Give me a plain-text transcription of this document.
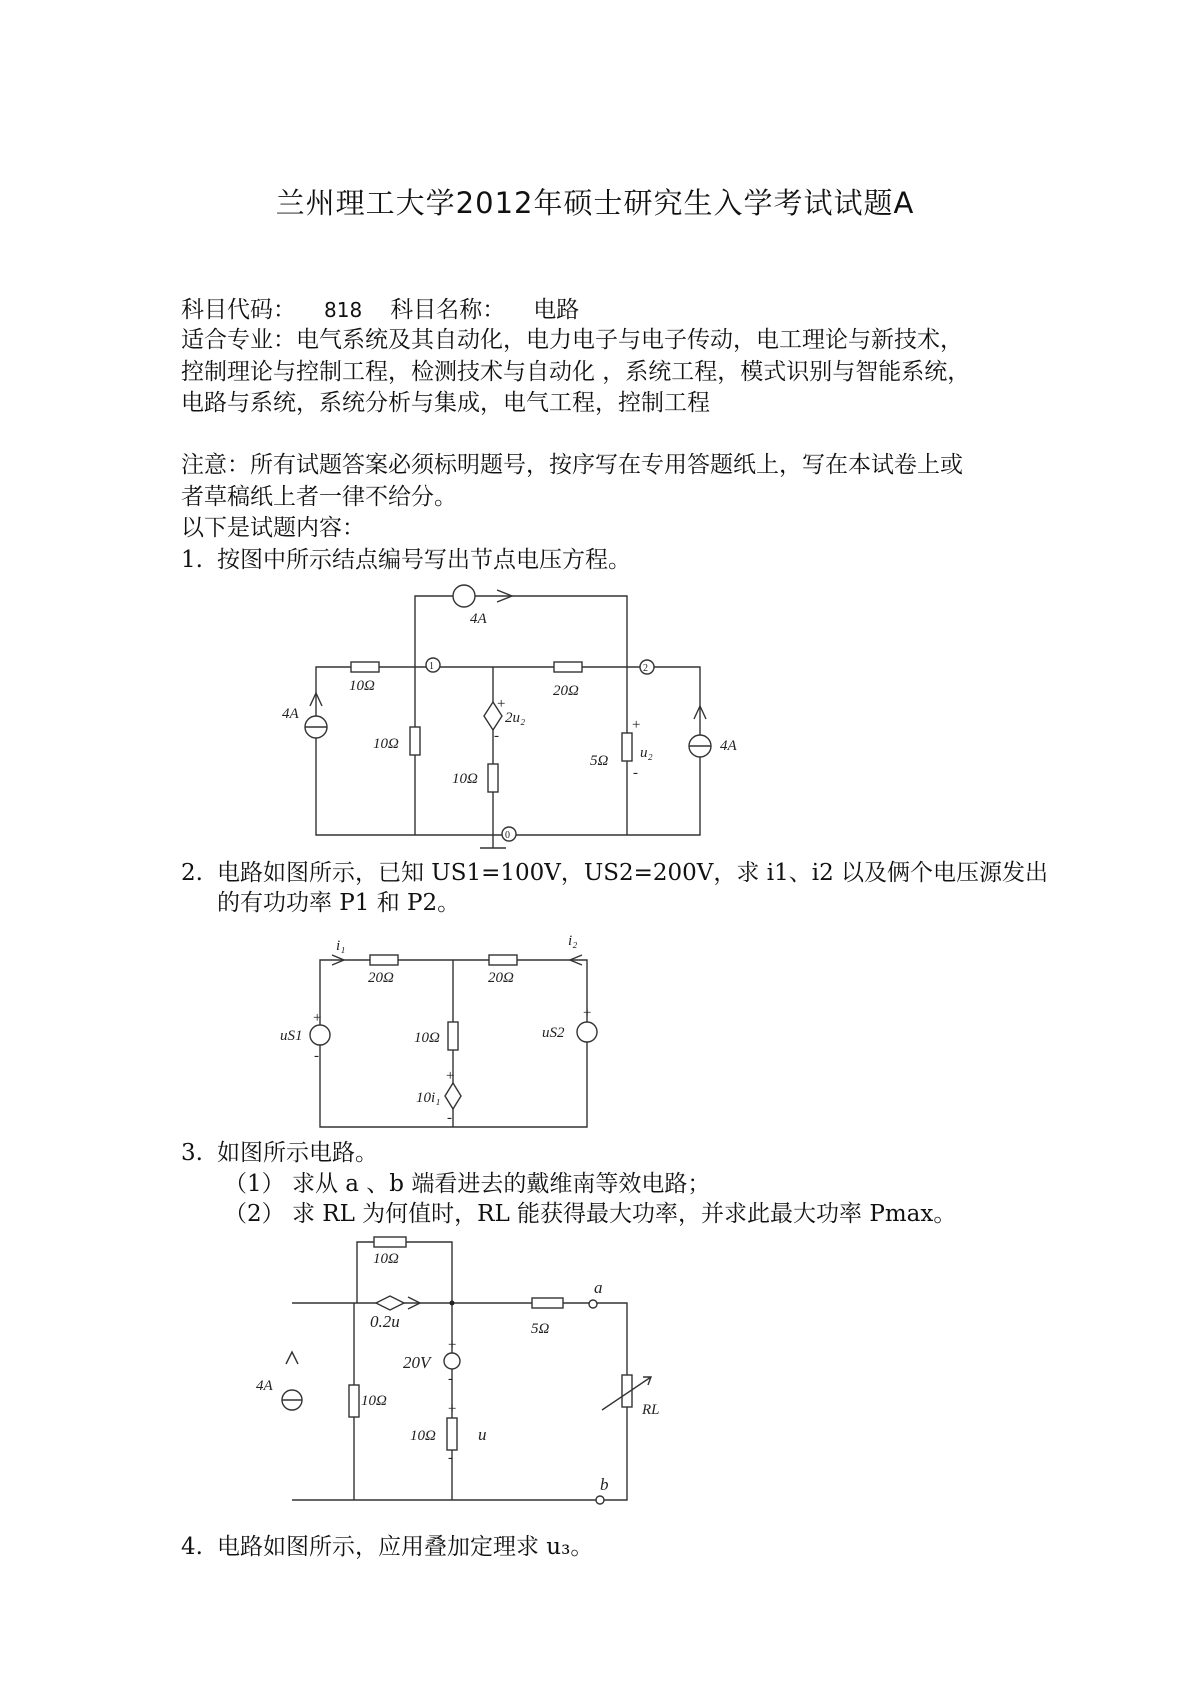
兰州理工大学2012年硕士研究生入学考试试题A
科目代码： 818 科目名称： 电路
适合专业：电气系统及其自动化，电力电子与电子传动，电工理论与新技术，
控制理论与控制工程，检测技术与自动化 ，系统工程，模式识别与智能系统，
电路与系统，系统分析与集成，电气工程，控制工程
注意：所有试题答案必须标明题号，按序写在专用答题纸上，写在本试卷上或
者草稿纸上者一律不给分。
以下是试题内容：
1. 按图中所示结点编号写出节点电压方程。
2. 电路如图所示，已知 US1=100V，US2=200V，求 i1、i2 以及俩个电压源发出
的有功功率 P1 和 P2。
3. 如图所示电路。
（1） 求从 a 、b 端看进去的戴维南等效电路；
（2） 求 RL 为何值时，RL 能获得最大功率，并求此最大功率 Pmax。
4. 电路如图所示，应用叠加定理求 u₃。
4A
10Ω
1
20Ω
2
4A
10Ω
2u₂
+
-
10Ω
5Ω u₂
+
-
4A
0
i₁	i₂
20Ω	20Ω
uS1	uS2
+
-
+
10Ω
10i₁
+
-
10Ω
0.2u
a
b
5Ω
20V
+
-
+
-
4A
10Ω
10Ω u
RL
